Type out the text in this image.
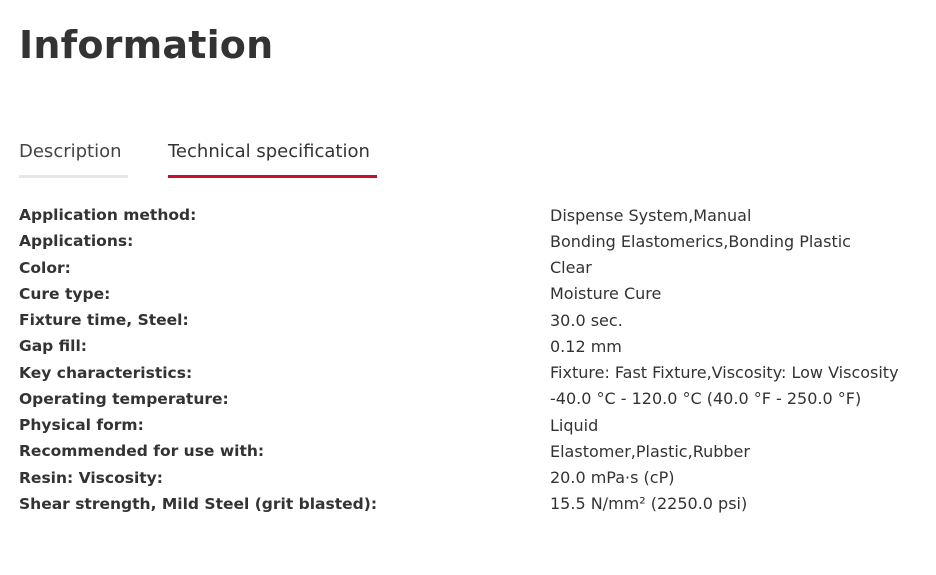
Information
Description	Technical specification
Application method:	Dispense System,Manual
Applications:	Bonding Elastomerics,Bonding Plastic
Color:	Clear
Cure type:	Moisture Cure
Fixture time, Steel:	30.0 sec.
Gap fill:	0.12 mm
Key characteristics:	Fixture: Fast Fixture,Viscosity: Low Viscosity
Operating temperature:	-40.0 °C - 120.0 °C (40.0 °F - 250.0 °F)
Physical form:	Liquid
Recommended for use with:	Elastomer,Plastic,Rubber
Resin: Viscosity:	20.0 mPa·s (cP)
Shear strength, Mild Steel (grit blasted):	15.5 N/mm² (2250.0 psi)
